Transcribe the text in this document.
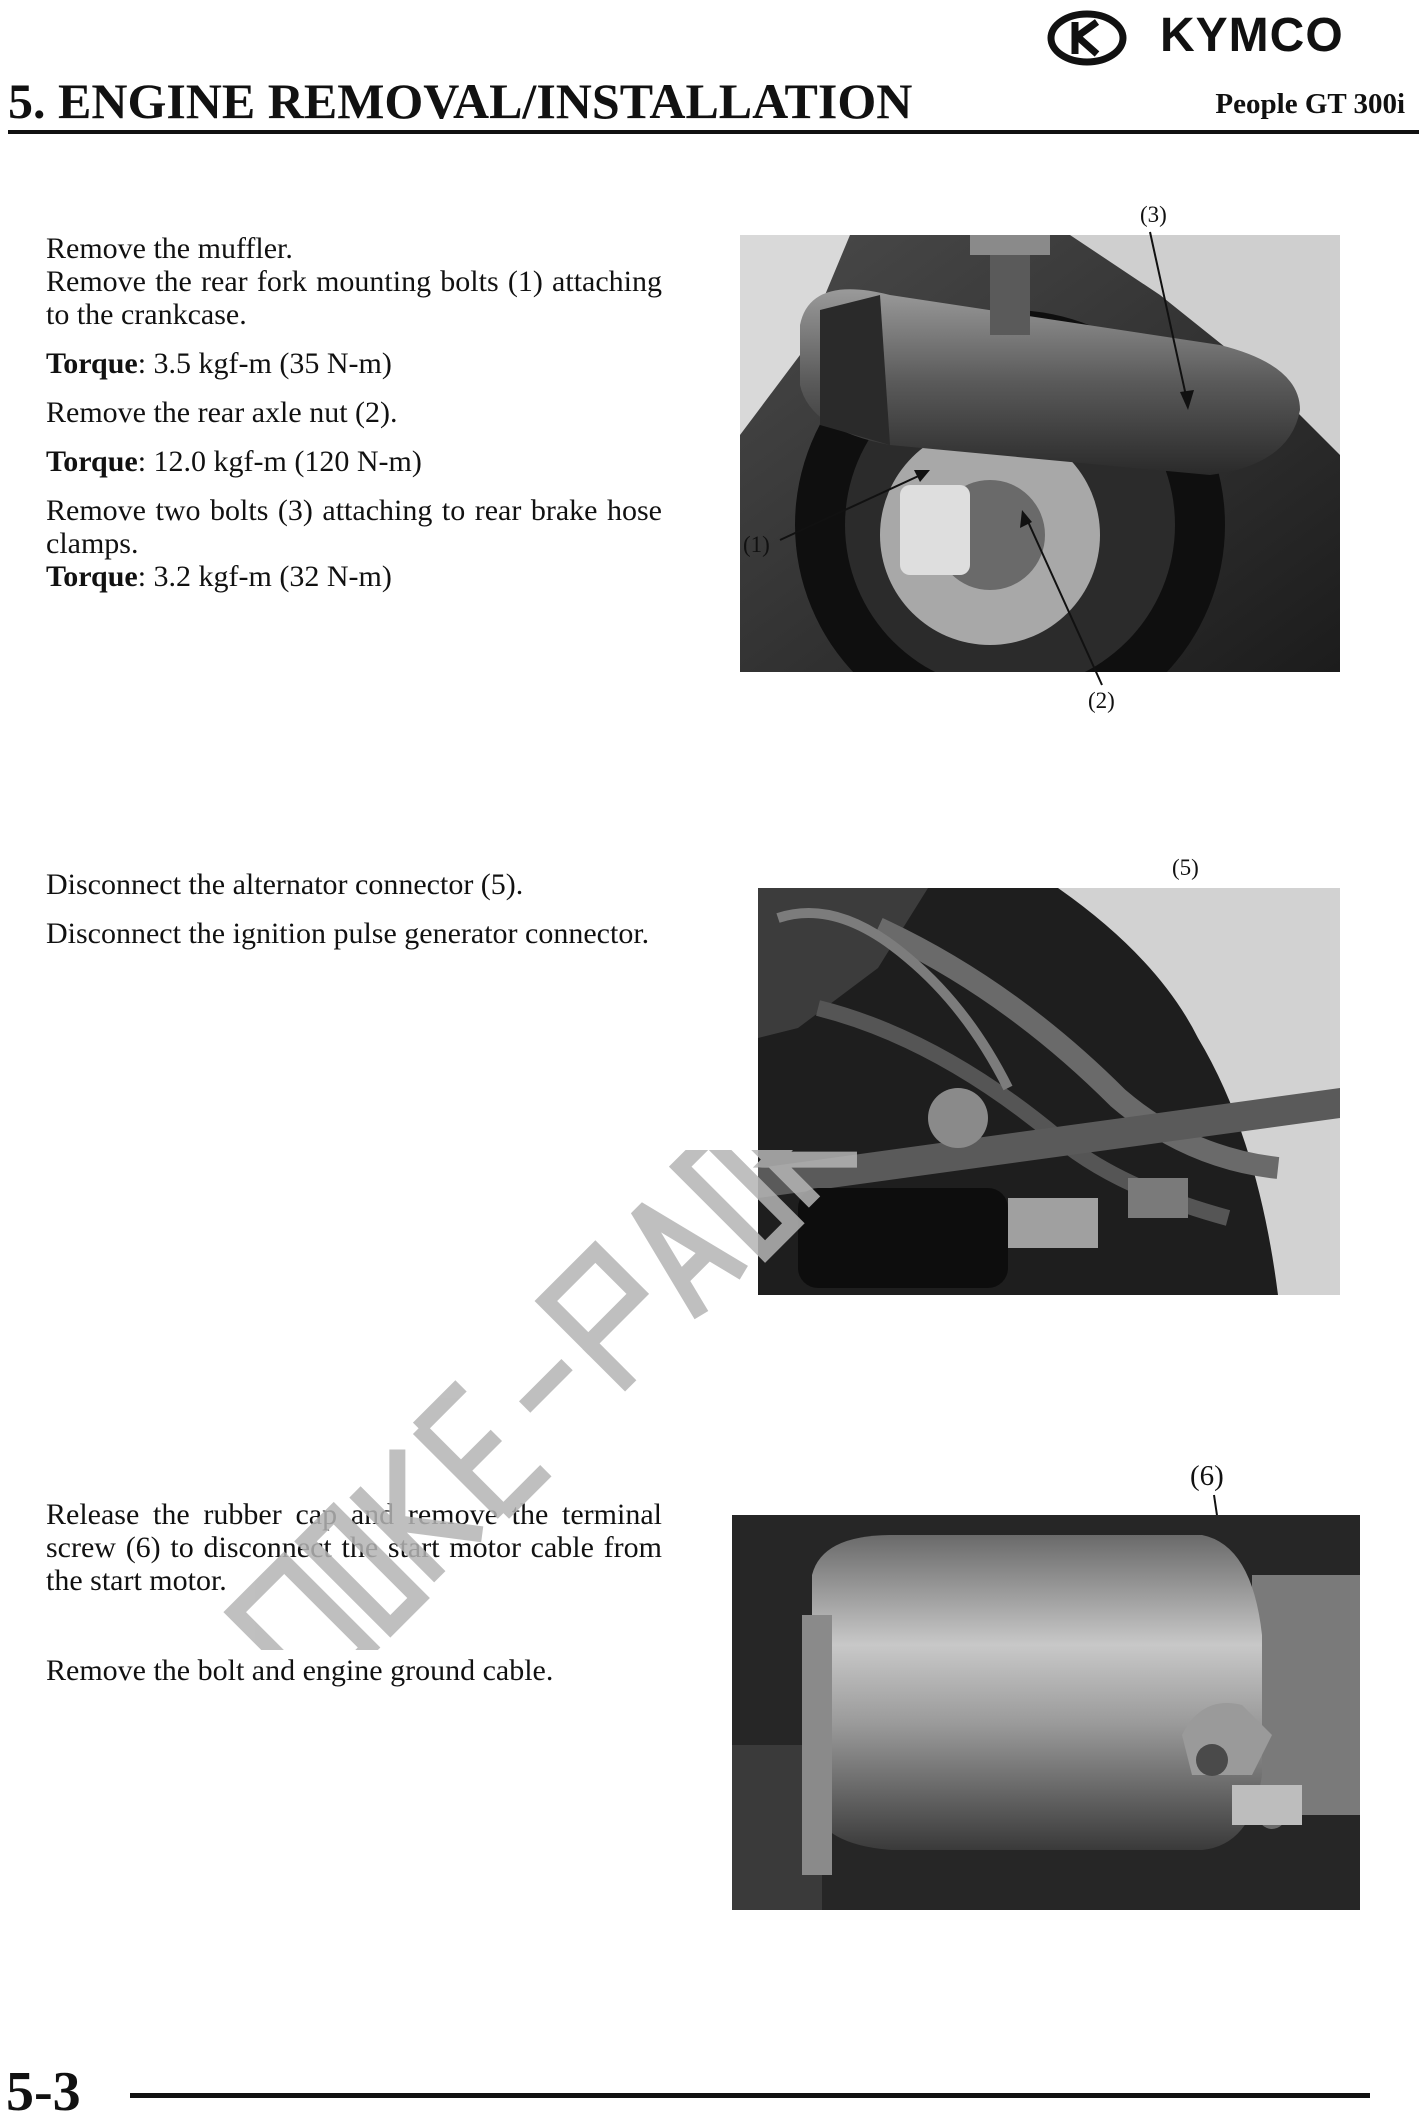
KYMCO
5. ENGINE REMOVAL/INSTALLATION	People GT 300i

Remove the muffler.

Remove the rear fork mounting bolts (1) attaching to the crankcase.

Torque: 3.5 kgf-m (35 N-m)

Remove the rear axle nut (2).

Torque: 12.0 kgf-m (120 N-m)

Remove two bolts (3) attaching to rear brake hose clamps.

Torque: 3.2 kgf-m (32 N-m)

(3)
(1)
(2)

Disconnect the alternator connector (5).

Disconnect the ignition pulse generator connector.

(5)

Release the rubber cap and remove the terminal screw (6) to disconnect the start motor cable from the start motor.

Remove the bolt and engine ground cable.

(6)
5-3
